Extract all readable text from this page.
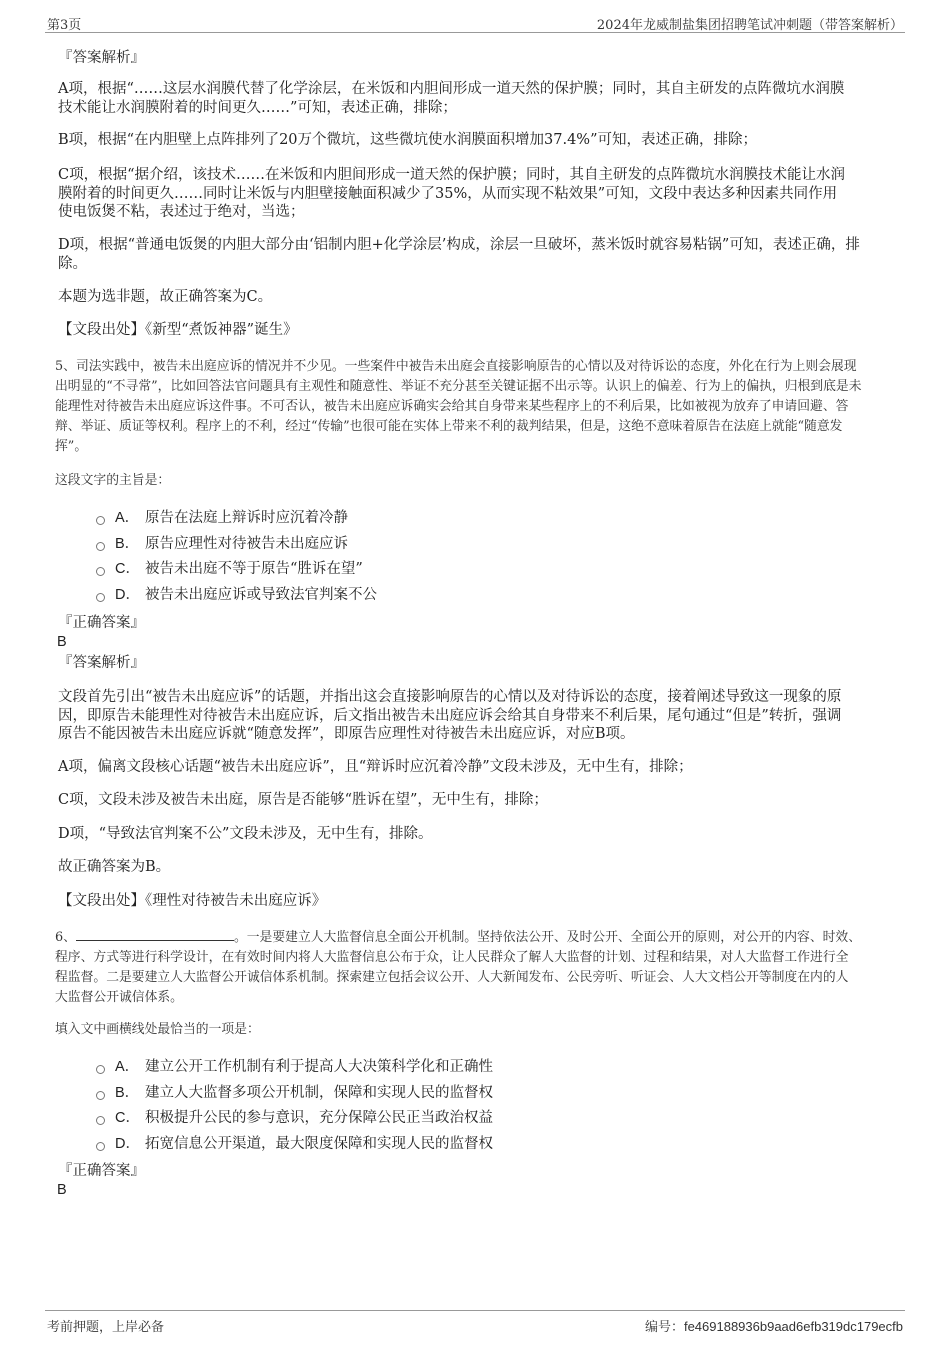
第3页	2024年龙威制盐集团招聘笔试冲刺题（带答案解析）
『答案解析』
A项，根据“……这层水润膜代替了化学涂层，在米饭和内胆间形成一道天然的保护膜；同时，其自主研发的点阵微坑水润膜
技术能让水润膜附着的时间更久……”可知，表述正确，排除；
B项，根据“在内胆壁上点阵排列了20万个微坑，这些微坑使水润膜面积增加37.4%”可知，表述正确，排除；
C项，根据“据介绍，该技术……在米饭和内胆间形成一道天然的保护膜；同时，其自主研发的点阵微坑水润膜技术能让水润
膜附着的时间更久……同时让米饭与内胆壁接触面积减少了35%，从而实现不粘效果”可知，文段中表达多种因素共同作用
使电饭煲不粘，表述过于绝对，当选；
D项，根据“普通电饭煲的内胆大部分由‘铝制内胆+化学涂层’构成，涂层一旦破坏，蒸米饭时就容易粘锅”可知，表述正确，排
除。
本题为选非题，故正确答案为C。
【文段出处】《新型“煮饭神器”诞生》
5、司法实践中，被告未出庭应诉的情况并不少见。一些案件中被告未出庭会直接影响原告的心情以及对待诉讼的态度，外化在行为上则会展现
出明显的“不寻常”，比如回答法官问题具有主观性和随意性、举证不充分甚至关键证据不出示等。认识上的偏差、行为上的偏执，归根到底是未
能理性对待被告未出庭应诉这件事。不可否认，被告未出庭应诉确实会给其自身带来某些程序上的不利后果，比如被视为放弃了申请回避、答
辩、举证、质证等权利。程序上的不利，经过“传输”也很可能在实体上带来不利的裁判结果，但是，这绝不意味着原告在法庭上就能“随意发
挥”。
这段文字的主旨是：
A． 原告在法庭上辩诉时应沉着冷静
B． 原告应理性对待被告未出庭应诉
C． 被告未出庭不等于原告“胜诉在望”
D． 被告未出庭应诉或导致法官判案不公
『正确答案』
B
『答案解析』
文段首先引出“被告未出庭应诉”的话题，并指出这会直接影响原告的心情以及对待诉讼的态度，接着阐述导致这一现象的原
因，即原告未能理性对待被告未出庭应诉，后文指出被告未出庭应诉会给其自身带来不利后果，尾句通过“但是”转折，强调
原告不能因被告未出庭应诉就“随意发挥”，即原告应理性对待被告未出庭应诉，对应B项。
A项，偏离文段核心话题“被告未出庭应诉”，且“辩诉时应沉着冷静”文段未涉及，无中生有，排除；
C项，文段未涉及被告未出庭，原告是否能够“胜诉在望”，无中生有，排除；
D项，“导致法官判案不公”文段未涉及，无中生有，排除。
故正确答案为B。
【文段出处】《理性对待被告未出庭应诉》
6、	。一是要建立人大监督信息全面公开机制。坚持依法公开、及时公开、全面公开的原则，对公开的内容、时效、
程序、方式等进行科学设计，在有效时间内将人大监督信息公布于众，让人民群众了解人大监督的计划、过程和结果，对人大监督工作进行全
程监督。二是要建立人大监督公开诚信体系机制。探索建立包括会议公开、人大新闻发布、公民旁听、听证会、人大文档公开等制度在内的人
大监督公开诚信体系。
填入文中画横线处最恰当的一项是：
A． 建立公开工作机制有利于提高人大决策科学化和正确性
B． 建立人大监督多项公开机制，保障和实现人民的监督权
C． 积极提升公民的参与意识，充分保障公民正当政治权益
D． 拓宽信息公开渠道，最大限度保障和实现人民的监督权
『正确答案』
B
考前押题，上岸必备	编号：fe469188936b9aad6efb319dc179ecfb
